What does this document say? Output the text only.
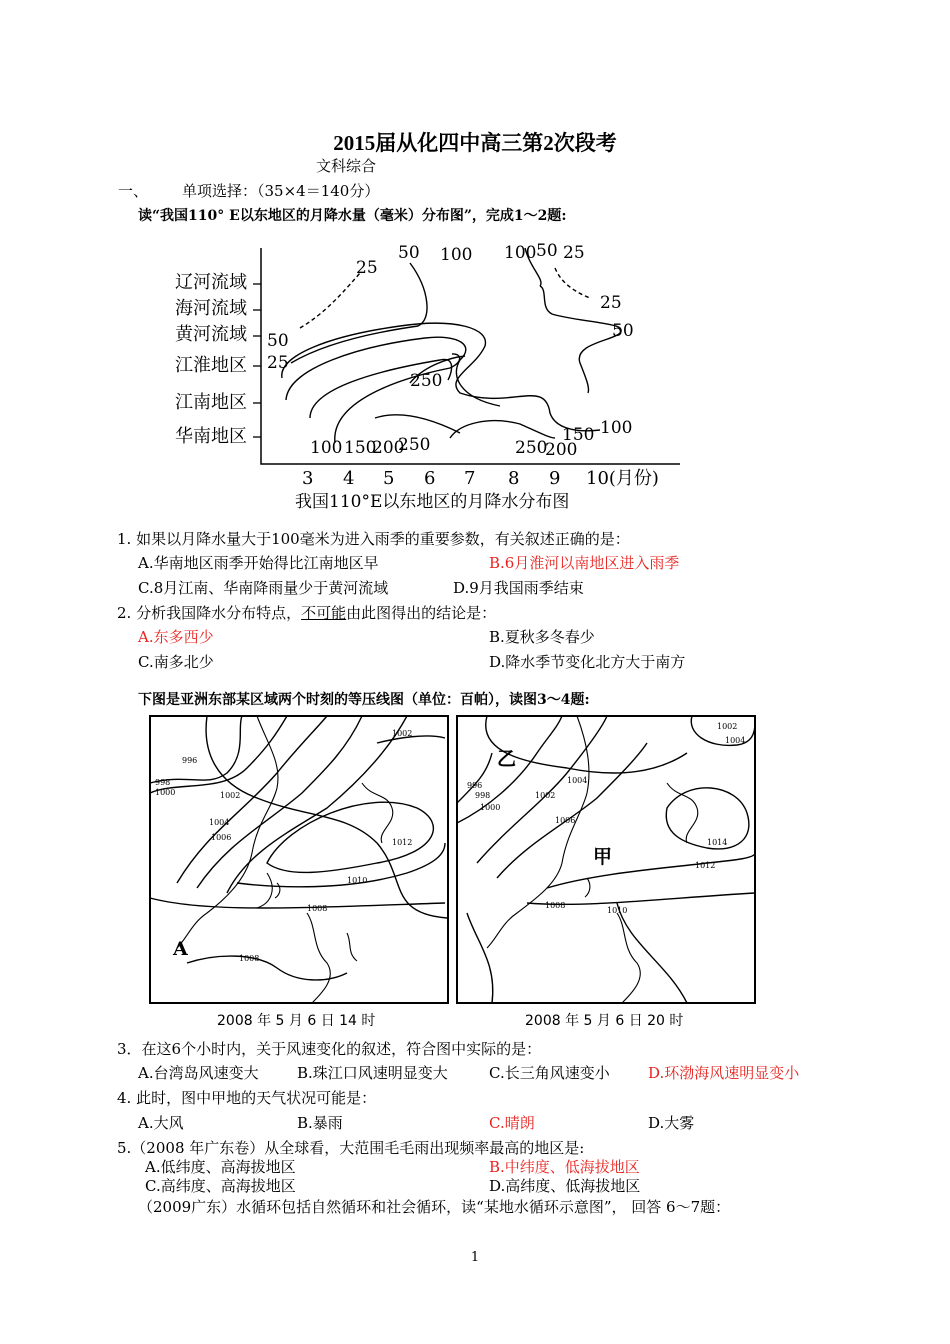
2015届从化四中高三第2次段考
文科综合
一、 单项选择：（35×4＝140分）
读“我国110° E以东地区的月降水量（毫米）分布图”，完成1～2题:
辽河流域
海河流域
黄河流域
江淮地区
江南地区
华南地区
3 4 5 6 7 8 9 10(月份)
25
50
25
50 100 100 50 25
25
50
250
100
100 150
200
250	250
200
150
我国110°E以东地区的月降水分布图
1. 如果以月降水量大于100毫米为进入雨季的重要参数，有关叙述正确的是：
A.华南地区雨季开始得比江南地区早	B.6月淮河以南地区进入雨季
C.8月江南、华南降雨量少于黄河流域	D.9月我国雨季结束
2. 分析我国降水分布特点，不可能由此图得出的结论是：
A.东多西少	B.夏秋多冬春少
C.南多北少	D.降水季节变化北方大于南方
下图是亚洲东部某区域两个时刻的等压线图（单位：百帕），读图3～4题:
1002
996
998
1000	1002
1004
1006
1012
1010
1008
1008
A
1002
1004
996
998
1000
1002
1004
1006
1014
1012
1010
1008
乙
甲
2008 年 5 月 6 日 14 时	2008 年 5 月 6 日 20 时
3．在这6个小时内，关于风速变化的叙述，符合图中实际的是：
A.台湾岛风速变大	B.珠江口风速明显变大	C.长三角风速变小	D.环渤海风速明显变小
4. 此时，图中甲地的天气状况可能是：
A.大风	B.暴雨	C.晴朗	D.大雾
5.（2008 年广东卷）从全球看，大范围毛毛雨出现频率最高的地区是:
A.低纬度、高海拔地区	B.中纬度、低海拔地区
C.高纬度、高海拔地区	D.高纬度、低海拔地区
（2009广东）水循环包括自然循环和社会循环，读“某地水循环示意图”， 回答 6～7题：
1
